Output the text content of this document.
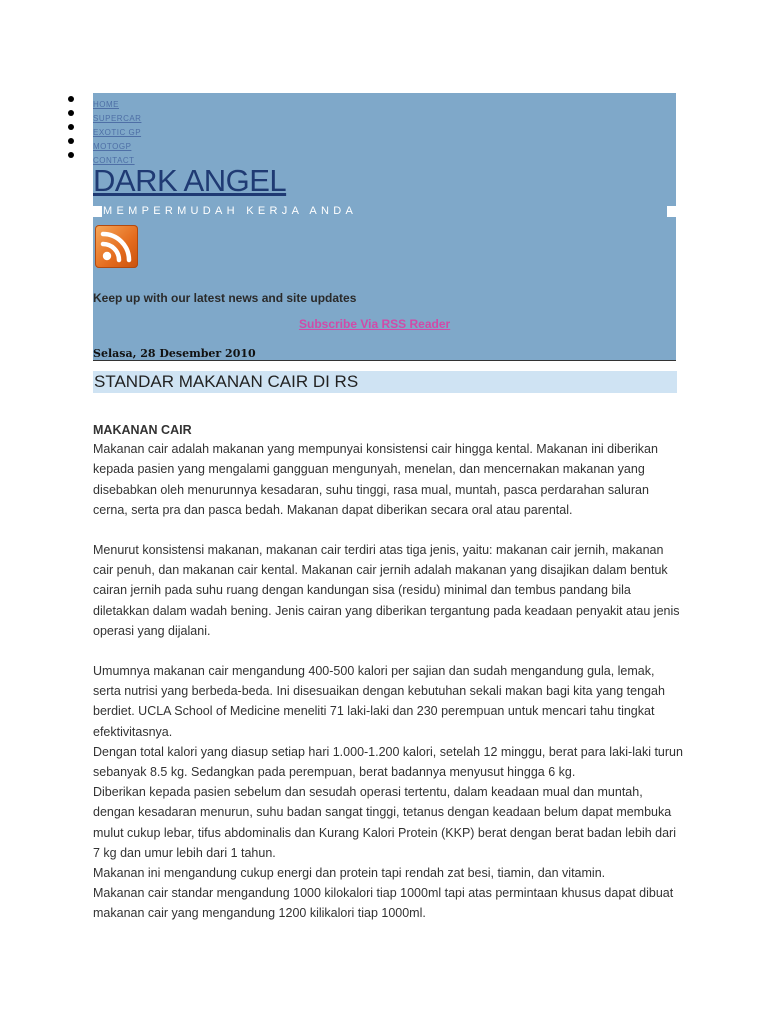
HOME
SUPERCAR
EXOTIC GP
MOTOGP
CONTACT
DARK ANGEL
MEMPERMUDAH KERJA ANDA
Keep up with our latest news and site updates
Subscribe Via RSS Reader
Selasa, 28 Desember 2010
STANDAR MAKANAN CAIR DI RS
MAKANAN CAIR

Makanan cair adalah makanan yang mempunyai konsistensi cair hingga kental. Makanan ini diberikan kepada pasien yang mengalami gangguan mengunyah, menelan, dan mencernakan makanan yang disebabkan oleh menurunnya kesadaran, suhu tinggi, rasa mual, muntah, pasca perdarahan saluran cerna, serta pra dan pasca bedah. Makanan dapat diberikan secara oral atau parental.

Menurut konsistensi makanan, makanan cair terdiri atas tiga jenis, yaitu: makanan cair jernih, makanan cair penuh, dan makanan cair kental. Makanan cair jernih adalah makanan yang disajikan dalam bentuk cairan jernih pada suhu ruang dengan kandungan sisa (residu) minimal dan tembus pandang bila diletakkan dalam wadah bening. Jenis cairan yang diberikan tergantung pada keadaan penyakit atau jenis operasi yang dijalani.

Umumnya makanan cair mengandung 400-500 kalori per sajian dan sudah mengandung gula, lemak, serta nutrisi yang berbeda-beda. Ini disesuaikan dengan kebutuhan sekali makan bagi kita yang tengah berdiet. UCLA School of Medicine meneliti 71 laki-laki dan 230 perempuan untuk mencari tahu tingkat efektivitasnya.

Dengan total kalori yang diasup setiap hari 1.000-1.200 kalori, setelah 12 minggu, berat para laki-laki turun sebanyak 8.5 kg. Sedangkan pada perempuan, berat badannya menyusut hingga 6 kg.

Diberikan kepada pasien sebelum dan sesudah operasi tertentu, dalam keadaan mual dan muntah, dengan kesadaran menurun, suhu badan sangat tinggi, tetanus dengan keadaan belum dapat membuka mulut cukup lebar, tifus abdominalis dan Kurang Kalori Protein (KKP) berat dengan berat badan lebih dari 7 kg dan umur lebih dari 1 tahun.

Makanan ini mengandung cukup energi dan protein tapi rendah zat besi, tiamin, dan vitamin.

Makanan cair standar mengandung 1000 kilokalori tiap 1000ml tapi atas permintaan khusus dapat dibuat makanan cair yang mengandung 1200 kilikalori tiap 1000ml.
